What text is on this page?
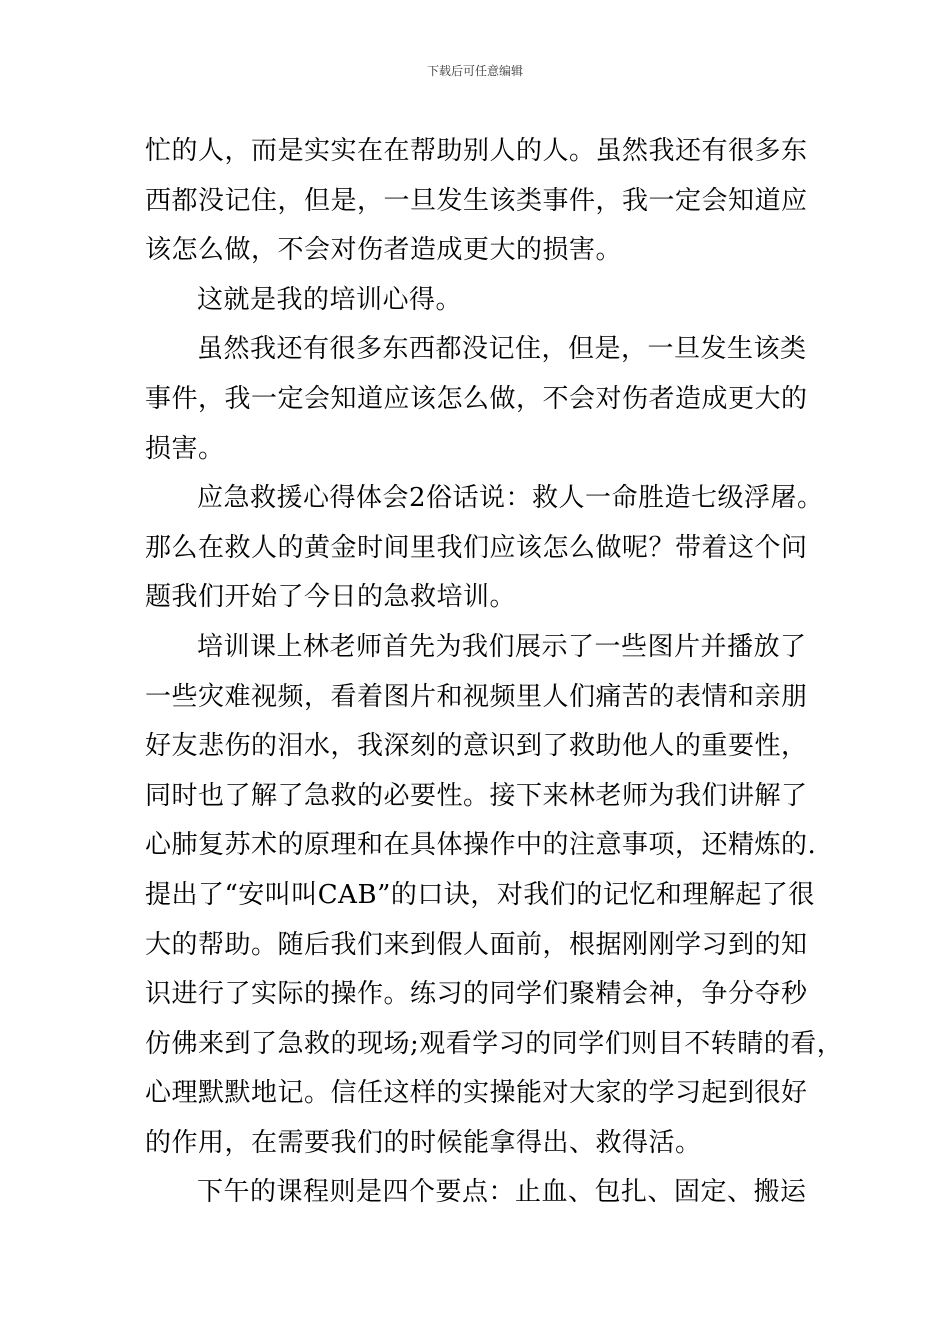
下载后可任意编辑

忙的人，而是实实在在帮助别人的人。虽然我还有很多东
西都没记住，但是，一旦发生该类事件，我一定会知道应
该怎么做，不会对伤者造成更大的损害。

这就是我的培训心得。

虽然我还有很多东西都没记住，但是，一旦发生该类
事件，我一定会知道应该怎么做，不会对伤者造成更大的
损害。

应急救援心得体会2俗话说：救人一命胜造七级浮屠。
那么在救人的黄金时间里我们应该怎么做呢？带着这个问
题我们开始了今日的急救培训。

培训课上林老师首先为我们展示了一些图片并播放了
一些灾难视频，看着图片和视频里人们痛苦的表情和亲朋
好友悲伤的泪水，我深刻的意识到了救助他人的重要性，
同时也了解了急救的必要性。接下来林老师为我们讲解了
心肺复苏术的原理和在具体操作中的注意事项，还精炼的.
提出了“安叫叫CAB”的口诀，对我们的记忆和理解起了很
大的帮助。随后我们来到假人面前，根据刚刚学习到的知
识进行了实际的操作。练习的同学们聚精会神，争分夺秒
仿佛来到了急救的现场;观看学习的同学们则目不转睛的看，
心理默默地记。信任这样的实操能对大家的学习起到很好
的作用，在需要我们的时候能拿得出、救得活。

下午的课程则是四个要点：止血、包扎、固定、搬运
